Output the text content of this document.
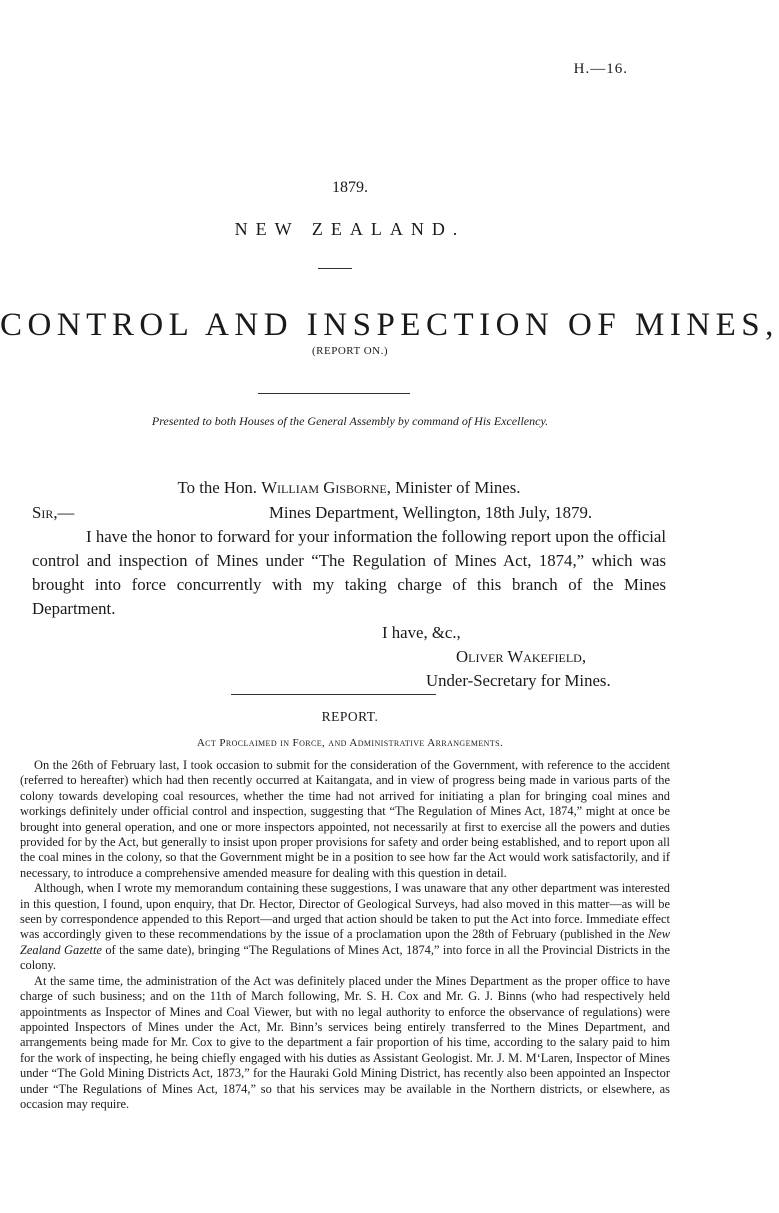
H.—16.
1879.
NEW ZEALAND.
CONTROL AND INSPECTION OF MINES,
(REPORT ON.)
Presented to both Houses of the General Assembly by command of His Excellency.
To the Hon. William Gisborne, Minister of Mines.
Sir,—	Mines Department, Wellington, 18th July, 1879.
I have the honor to forward for your information the following report upon the official control and inspection of Mines under “The Regulation of Mines Act, 1874,” which was brought into force concurrently with my taking charge of this branch of the Mines Department.
I have, &c.,
Oliver Wakefield,
Under-Secretary for Mines.
REPORT.
Act Proclaimed in Force, and Administrative Arrangements.

On the 26th of February last, I took occasion to submit for the consideration of the Government, with reference to the accident (referred to hereafter) which had then recently occurred at Kaitangata, and in view of progress being made in various parts of the colony towards developing coal resources, whether the time had not arrived for initiating a plan for bringing coal mines and workings definitely under official control and inspection, suggesting that “The Regulation of Mines Act, 1874,” might at once be brought into general operation, and one or more inspectors appointed, not necessarily at first to exercise all the powers and duties provided for by the Act, but generally to insist upon proper provisions for safety and order being established, and to report upon all the coal mines in the colony, so that the Government might be in a position to see how far the Act would work satisfactorily, and if necessary, to introduce a comprehensive amended measure for dealing with this question in detail.

Although, when I wrote my memorandum containing these suggestions, I was unaware that any other department was interested in this question, I found, upon enquiry, that Dr. Hector, Director of Geological Surveys, had also moved in this matter—as will be seen by correspondence appended to this Report—and urged that action should be taken to put the Act into force. Immediate effect was accordingly given to these recommendations by the issue of a proclamation upon the 28th of February (published in the New Zealand Gazette of the same date), bringing “The Regulations of Mines Act, 1874,” into force in all the Provincial Districts in the colony.

At the same time, the administration of the Act was definitely placed under the Mines Department as the proper office to have charge of such business; and on the 11th of March following, Mr. S. H. Cox and Mr. G. J. Binns (who had respectively held appointments as Inspector of Mines and Coal Viewer, but with no legal authority to enforce the observance of regulations) were appointed Inspectors of Mines under the Act, Mr. Binn’s services being entirely transferred to the Mines Department, and arrangements being made for Mr. Cox to give to the department a fair proportion of his time, according to the salary paid to him for the work of inspecting, he being chiefly engaged with his duties as Assistant Geologist. Mr. J. M. M‘Laren, Inspector of Mines under “The Gold Mining Districts Act, 1873,” for the Hauraki Gold Mining District, has recently also been appointed an Inspector under “The Regulations of Mines Act, 1874,” so that his services may be available in the Northern districts, or elsewhere, as occasion may require.
